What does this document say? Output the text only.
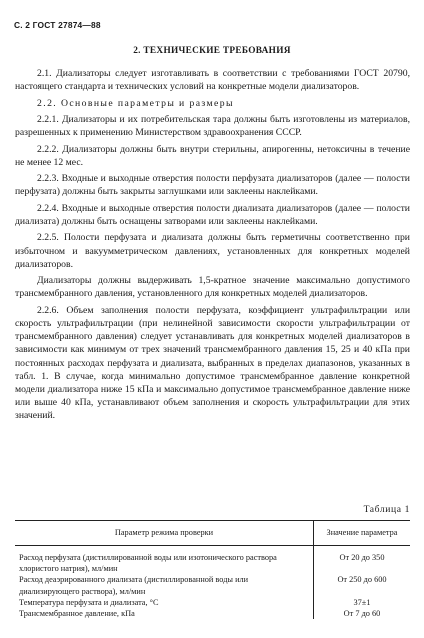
С. 2 ГОСТ 27874—88
2. ТЕХНИЧЕСКИЕ ТРЕБОВАНИЯ

2.1. Диализаторы следует изготавливать в соответствии с требованиями ГОСТ 20790, настоящего стандарта и технических условий на конкретные модели диализаторов.

2.2. Основные параметры и размеры

2.2.1. Диализаторы и их потребительская тара должны быть изготовлены из материалов, разрешенных к применению Министерством здравоохранения СССР.

2.2.2. Диализаторы должны быть внутри стерильны, апирогенны, нетоксичны в течение не менее 12 мес.

2.2.3. Входные и выходные отверстия полости перфузата диализаторов (далее — полости перфузата) должны быть закрыты заглушками или заклеены наклейками.

2.2.4. Входные и выходные отверстия полости диализата диализаторов (далее — полости диализата) должны быть оснащены затворами или заклеены наклейками.

2.2.5. Полости перфузата и диализата должны быть герметичны соответственно при избыточном и вакуумметрическом давлениях, установленных для конкретных моделей диализаторов.

Диализаторы должны выдерживать 1,5-кратное значение максимально допустимого трансмембранного давления, установленного для конкретных моделей диализаторов.

2.2.6. Объем заполнения полости перфузата, коэффициент ультрафильтрации или скорость ультрафильтрации (при нелинейной зависимости скорости ультрафильтрации от трансмембранного давления) следует устанавливать для конкретных моделей диализаторов в зависимости как минимум от трех значений трансмембранного давления 15, 25 и 40 кПа при постоянных расходах перфузата и диализата, выбранных в пределах диапазонов, указанных в табл. 1. В случае, когда минимально допустимое трансмембранное давление конкретной модели диализатора ниже 15 кПа и максимально допустимое трансмембранное давление ниже или выше 40 кПа, устанавливают объем заполнения и скорость ультрафильтрации для этих значений.

Таблица 1
Параметр режима проверки	Значение параметра
Расход перфузата (дистиллированной воды или изотонического раствора хлористого натрия), мл/мин	От 20 до 350
Расход деаэрированного диализата (дистиллированной воды или диализирующего раствора), мл/мин	От 250 до 600
Температура перфузата и диализата, °С	37±1
Трансмембранное давление, кПа	От 7 до 60
